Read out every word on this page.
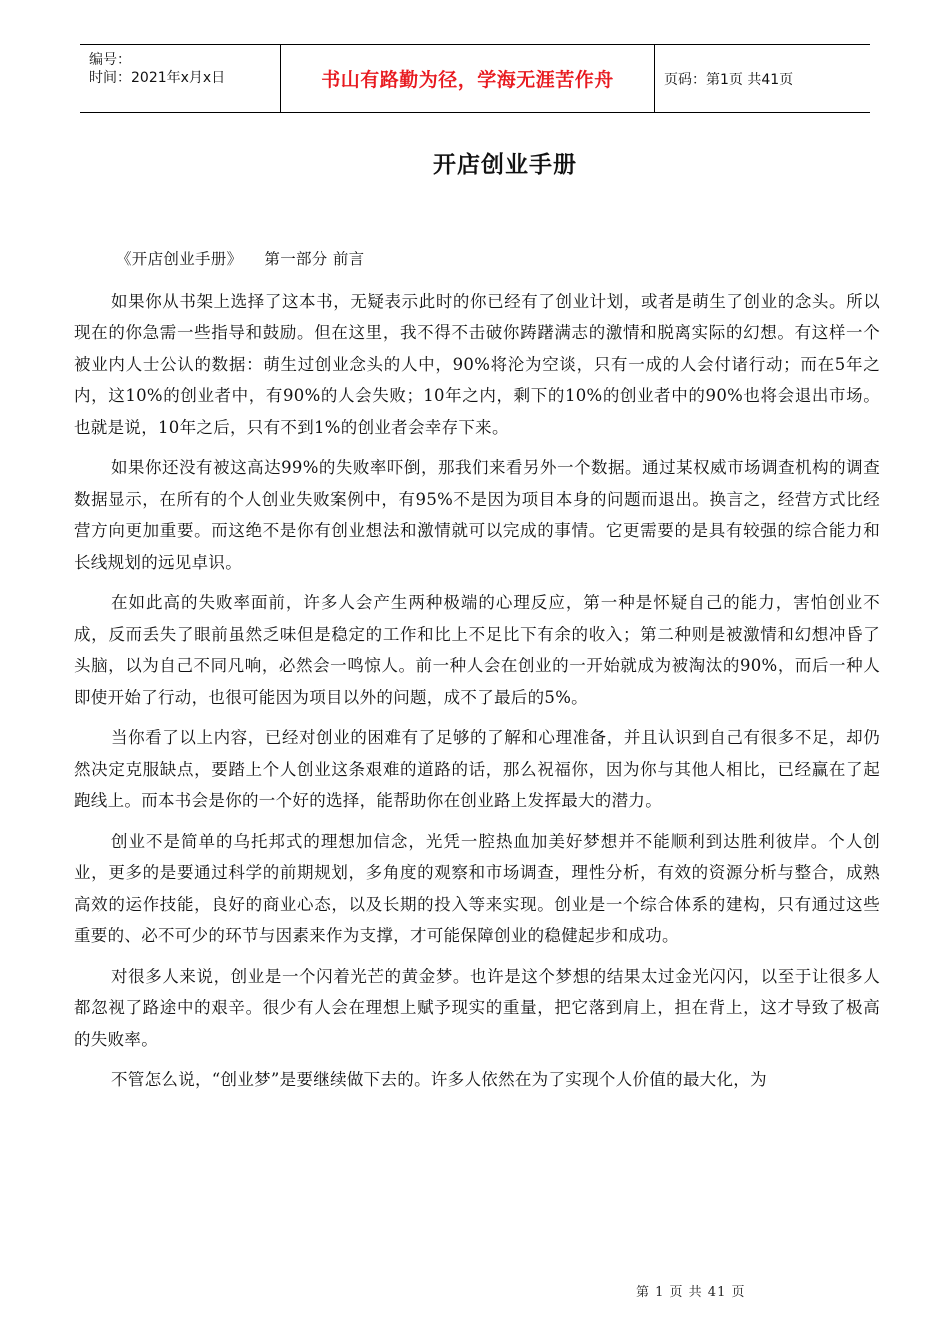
编号：
时间：2021年x月x日	书山有路勤为径，学海无涯苦作舟	页码：第1页 共41页
开店创业手册
《开店创业手册》 第一部分 前言

如果你从书架上选择了这本书，无疑表示此时的你已经有了创业计划，或者是萌生了创业的念头。所以现在的你急需一些指导和鼓励。但在这里，我不得不击破你踌躇满志的激情和脱离实际的幻想。有这样一个被业内人士公认的数据：萌生过创业念头的人中，90%将沦为空谈，只有一成的人会付诸行动；而在5年之内，这10%的创业者中，有90%的人会失败；10年之内，剩下的10%的创业者中的90%也将会退出市场。也就是说，10年之后，只有不到1%的创业者会幸存下来。

如果你还没有被这高达99%的失败率吓倒，那我们来看另外一个数据。通过某权威市场调查机构的调查数据显示，在所有的个人创业失败案例中，有95%不是因为项目本身的问题而退出。换言之，经营方式比经营方向更加重要。而这绝不是你有创业想法和激情就可以完成的事情。它更需要的是具有较强的综合能力和长线规划的远见卓识。

在如此高的失败率面前，许多人会产生两种极端的心理反应，第一种是怀疑自己的能力，害怕创业不成，反而丢失了眼前虽然乏味但是稳定的工作和比上不足比下有余的收入；第二种则是被激情和幻想冲昏了头脑，以为自己不同凡响，必然会一鸣惊人。前一种人会在创业的一开始就成为被淘汰的90%，而后一种人即使开始了行动，也很可能因为项目以外的问题，成不了最后的5%。

当你看了以上内容，已经对创业的困难有了足够的了解和心理准备，并且认识到自己有很多不足，却仍然决定克服缺点，要踏上个人创业这条艰难的道路的话，那么祝福你，因为你与其他人相比，已经赢在了起跑线上。而本书会是你的一个好的选择，能帮助你在创业路上发挥最大的潜力。

创业不是简单的乌托邦式的理想加信念，光凭一腔热血加美好梦想并不能顺利到达胜利彼岸。个人创业，更多的是要通过科学的前期规划，多角度的观察和市场调查，理性分析，有效的资源分析与整合，成熟高效的运作技能，良好的商业心态，以及长期的投入等来实现。创业是一个综合体系的建构，只有通过这些重要的、必不可少的环节与因素来作为支撑，才可能保障创业的稳健起步和成功。

对很多人来说，创业是一个闪着光芒的黄金梦。也许是这个梦想的结果太过金光闪闪，以至于让很多人都忽视了路途中的艰辛。很少有人会在理想上赋予现实的重量，把它落到肩上，担在背上，这才导致了极高的失败率。

不管怎么说，“创业梦”是要继续做下去的。许多人依然在为了实现个人价值的最大化，为

第 1 页 共 41 页
